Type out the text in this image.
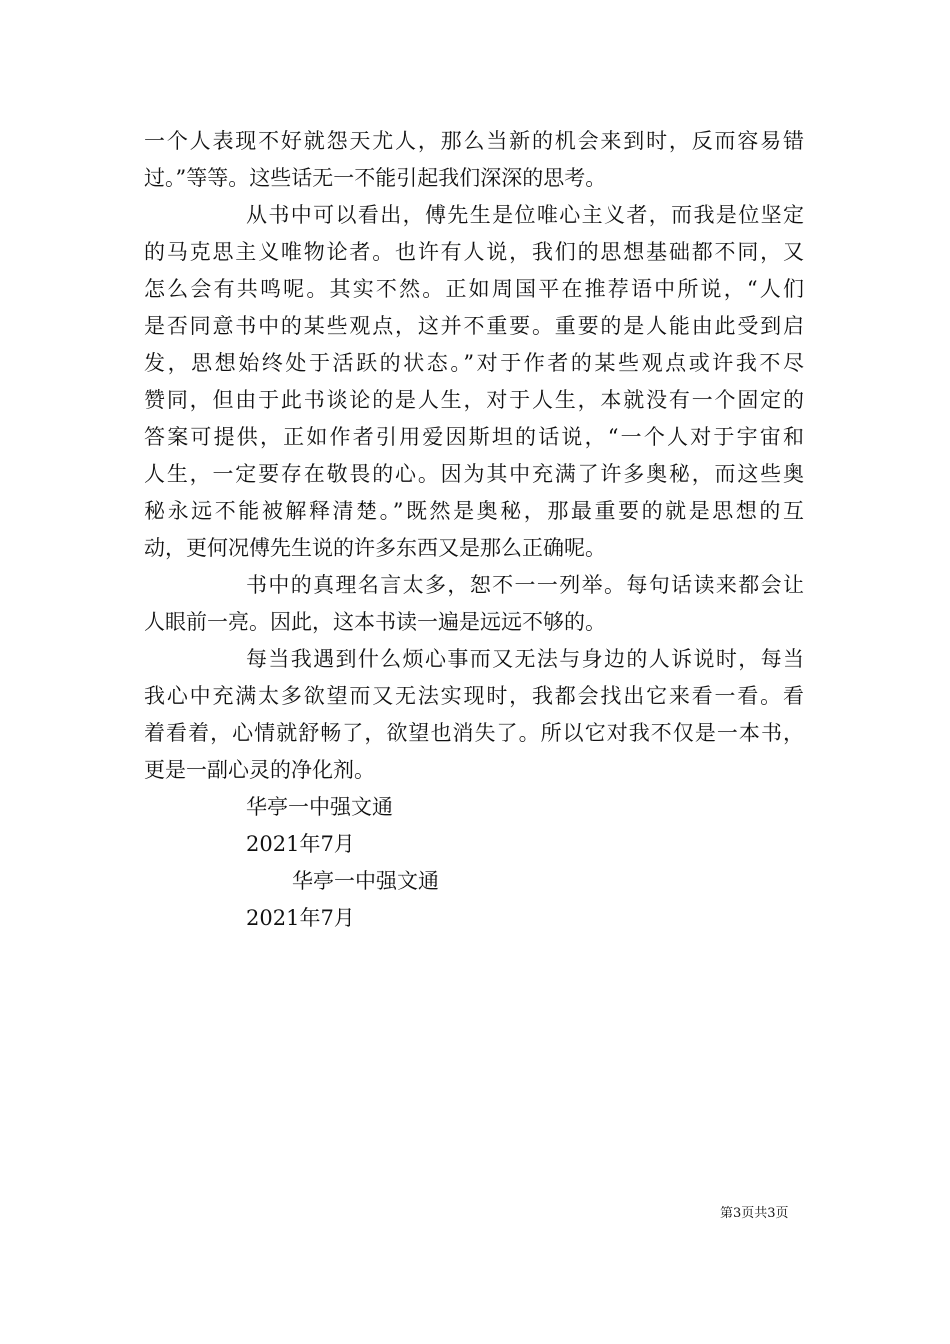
一个人表现不好就怨天尤人，那么当新的机会来到时，反而容易错
过。”等等。这些话无一不能引起我们深深的思考。
从书中可以看出，傅先生是位唯心主义者，而我是位坚定
的马克思主义唯物论者。也许有人说，我们的思想基础都不同，又
怎么会有共鸣呢。其实不然。正如周国平在推荐语中所说，“人们
是否同意书中的某些观点，这并不重要。重要的是人能由此受到启
发，思想始终处于活跃的状态。”对于作者的某些观点或许我不尽
赞同，但由于此书谈论的是人生，对于人生，本就没有一个固定的
答案可提供，正如作者引用爱因斯坦的话说，“一个人对于宇宙和
人生，一定要存在敬畏的心。因为其中充满了许多奥秘，而这些奥
秘永远不能被解释清楚。”既然是奥秘，那最重要的就是思想的互
动，更何况傅先生说的许多东西又是那么正确呢。
书中的真理名言太多，恕不一一列举。每句话读来都会让
人眼前一亮。因此，这本书读一遍是远远不够的。
每当我遇到什么烦心事而又无法与身边的人诉说时，每当
我心中充满太多欲望而又无法实现时，我都会找出它来看一看。看
着看着，心情就舒畅了，欲望也消失了。所以它对我不仅是一本书，
更是一副心灵的净化剂。
华亭一中强文通
2021年7月
华亭一中强文通
2021年7月
第3页共3页
